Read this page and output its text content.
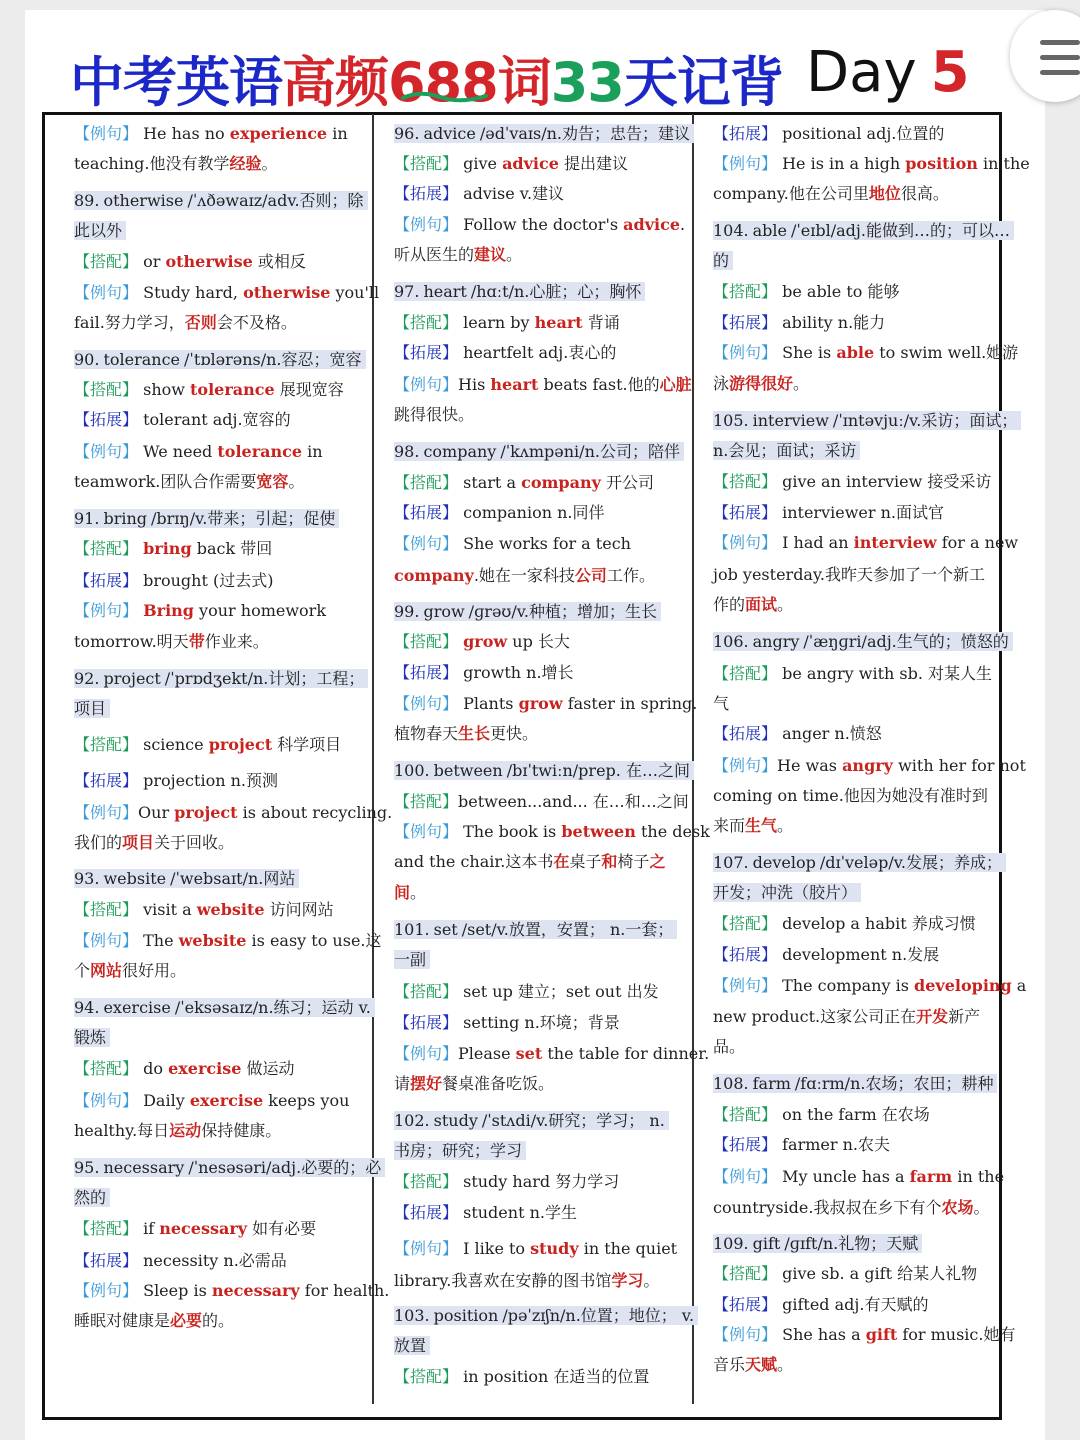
中考英语高频688词33天记背 Day 5
【例句】 He has no experience in
teaching.他没有教学经验。
89. otherwise /ˈʌðəwaɪz/adv.否则；除
此以外
【搭配】 or otherwise 或相反
【例句】 Study hard, otherwise you'll
fail.努力学习，否则会不及格。
90. tolerance /ˈtɒlərəns/n.容忍；宽容
【搭配】 show tolerance 展现宽容
【拓展】 tolerant adj.宽容的
【例句】 We need tolerance in
teamwork.团队合作需要宽容。
91. bring /brɪŋ/v.带来；引起；促使
【搭配】 bring back 带回
【拓展】 brought (过去式)
【例句】 Bring your homework
tomorrow.明天带作业来。
92. project /ˈprɒdʒekt/n.计划；工程；
项目
【搭配】 science project 科学项目
【拓展】 projection n.预测
【例句】Our project is about recycling.
我们的项目关于回收。
93. website /ˈwebsaɪt/n.网站
【搭配】 visit a website 访问网站
【例句】 The website is easy to use.这
个网站很好用。
94. exercise /ˈeksəsaɪz/n.练习；运动 v.
锻炼
【搭配】 do exercise 做运动
【例句】 Daily exercise keeps you
healthy.每日运动保持健康。
95. necessary /ˈnesəsəri/adj.必要的；必
然的
【搭配】 if necessary 如有必要
【拓展】 necessity n.必需品
【例句】 Sleep is necessary for health.
睡眠对健康是必要的。
96. advice /ədˈvaɪs/n.劝告；忠告；建议
【搭配】 give advice 提出建议
【拓展】 advise v.建议
【例句】 Follow the doctor's advice.
听从医生的建议。
97. heart /hɑːt/n.心脏；心；胸怀
【搭配】 learn by heart 背诵
【拓展】 heartfelt adj.衷心的
【例句】His heart beats fast.他的心脏
跳得很快。
98. company /ˈkʌmpəni/n.公司；陪伴
【搭配】 start a company 开公司
【拓展】 companion n.同伴
【例句】 She works for a tech
company.她在一家科技公司工作。
99. grow /ɡrəʊ/v.种植；增加；生长
【搭配】 grow up 长大
【拓展】 growth n.增长
【例句】 Plants grow faster in spring.
植物春天生长更快。
100. between /bɪˈtwiːn/prep. 在…之间
【搭配】between...and... 在…和…之间
【例句】 The book is between the desk
and the chair.这本书在桌子和椅子之
间。
101. set /set/v.放置，安置； n.一套；
一副
【搭配】 set up 建立；set out 出发
【拓展】 setting n.环境；背景
【例句】Please set the table for dinner.
请摆好餐桌准备吃饭。
102. study /ˈstʌdi/v.研究；学习； n.
书房；研究；学习
【搭配】 study hard 努力学习
【拓展】 student n.学生
【例句】 I like to study in the quiet
library.我喜欢在安静的图书馆学习。
103. position /pəˈzɪʃn/n.位置；地位； v.
放置
【搭配】 in position 在适当的位置
【拓展】 positional adj.位置的
【例句】 He is in a high position in the
company.他在公司里地位很高。
104. able /ˈeɪbl/adj.能做到…的；可以…
的
【搭配】 be able to 能够
【拓展】 ability n.能力
【例句】 She is able to swim well.她游
泳游得很好。
105. interview /ˈɪntəvjuː/v.采访；面试；
n.会见；面试；采访
【搭配】 give an interview 接受采访
【拓展】 interviewer n.面试官
【例句】 I had an interview for a new
job yesterday.我昨天参加了一个新工
作的面试。
106. angry /ˈæŋɡri/adj.生气的；愤怒的
【搭配】 be angry with sb. 对某人生
气
【拓展】 anger n.愤怒
【例句】He was angry with her for not
coming on time.他因为她没有准时到
来而生气。
107. develop /dɪˈveləp/v.发展；养成；
开发；冲洗（胶片）
【搭配】 develop a habit 养成习惯
【拓展】 development n.发展
【例句】 The company is developing a
new product.这家公司正在开发新产
品。
108. farm /fɑːrm/n.农场；农田；耕种
【搭配】 on the farm 在农场
【拓展】 farmer n.农夫
【例句】 My uncle has a farm in the
countryside.我叔叔在乡下有个农场。
109. gift /ɡɪft/n.礼物；天赋
【搭配】 give sb. a gift 给某人礼物
【拓展】 gifted adj.有天赋的
【例句】 She has a gift for music.她有
音乐天赋。
